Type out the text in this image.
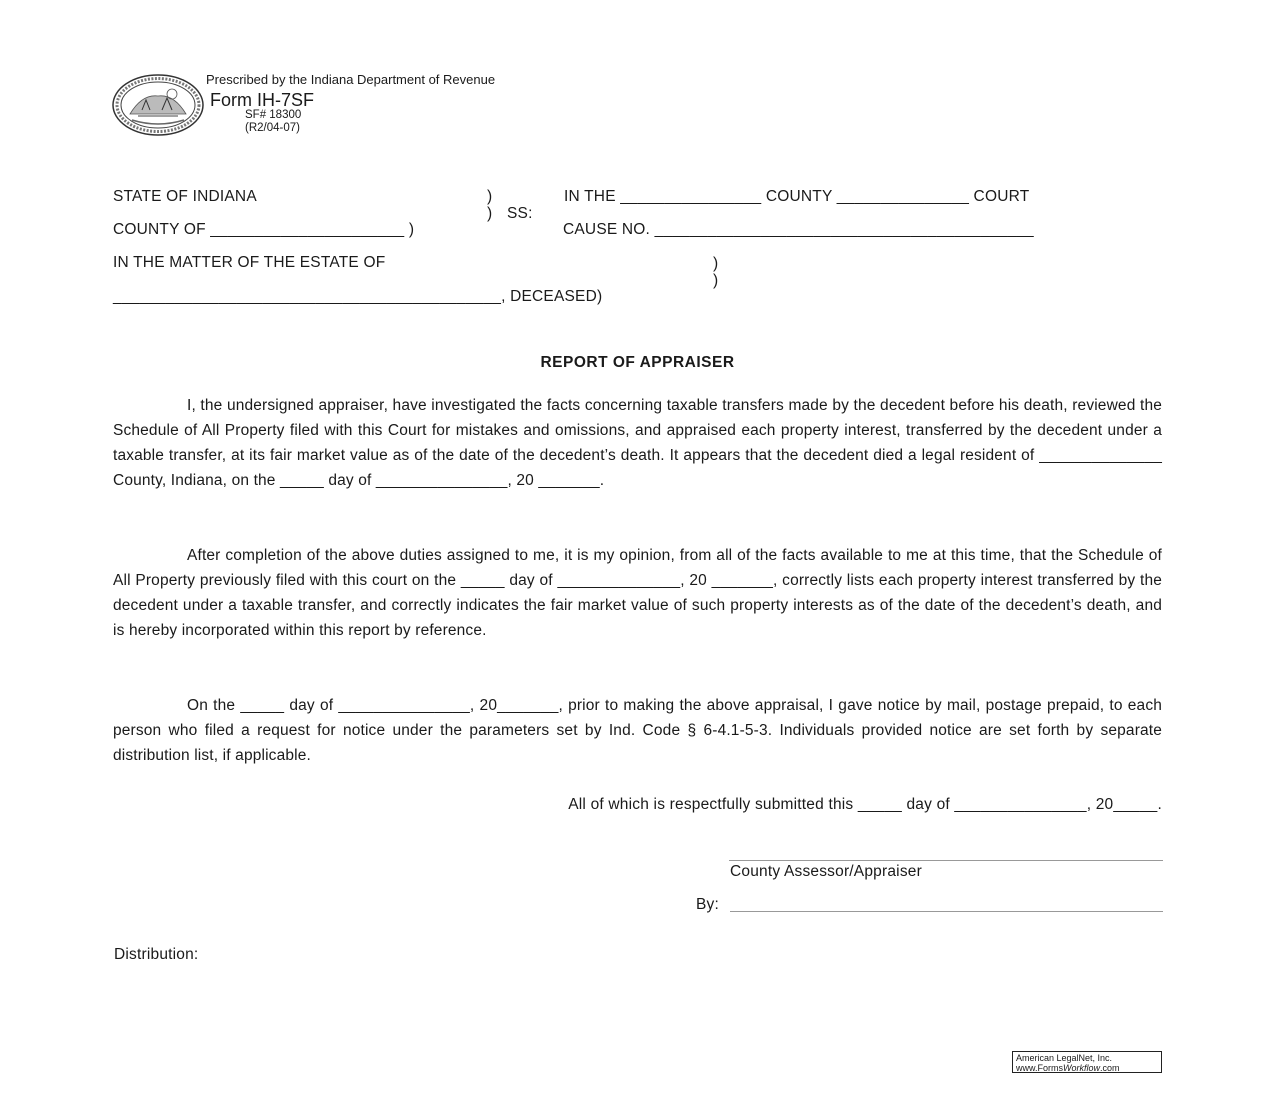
Prescribed by the Indiana Department of Revenue
Form IH-7SF
SF# 18300
(R2/04-07)
STATE OF INDIANA	)
) SS:
COUNTY OF ______________________ )
IN THE ________________ COUNTY _______________ COURT
CAUSE NO. ___________________________________________
IN THE MATTER OF THE ESTATE OF	)
)
____________________________________________, DECEASED)
REPORT OF APPRAISER

I, the undersigned appraiser, have investigated the facts concerning taxable transfers made by the decedent before his death, reviewed the Schedule of All Property filed with this Court for mistakes and omissions, and appraised each property interest, transferred by the decedent under a taxable transfer, at its fair market value as of the date of the decedent’s death. It appears that the decedent died a legal resident of ______________ County, Indiana, on the _____ day of _______________, 20 _______.

After completion of the above duties assigned to me, it is my opinion, from all of the facts available to me at this time, that the Schedule of All Property previously filed with this court on the _____ day of ______________, 20 _______, correctly lists each property interest transferred by the decedent under a taxable transfer, and correctly indicates the fair market value of such property interests as of the date of the decedent’s death, and is hereby incorporated within this report by reference.

On the _____ day of _______________, 20_______, prior to making the above appraisal, I gave notice by mail, postage prepaid, to each person who filed a request for notice under the parameters set by Ind. Code § 6-4.1-5-3. Individuals provided notice are set forth by separate distribution list, if applicable.

All of which is respectfully submitted this _____ day of _______________, 20_____.
County Assessor/Appraiser
By:
Distribution:
American LegalNet, Inc.
www.FormsWorkflow.com
